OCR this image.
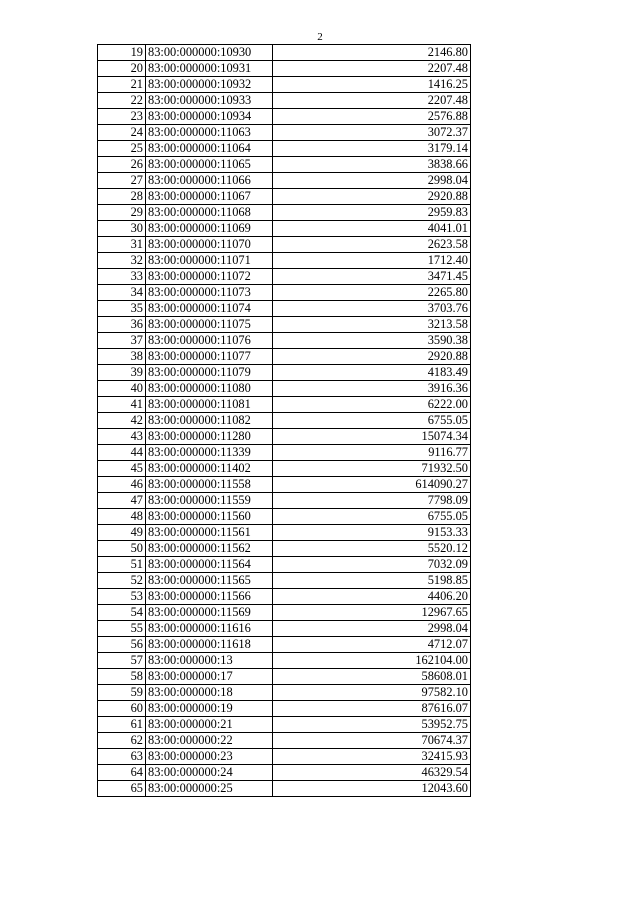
2
19	83:00:000000:10930	2146.80
20	83:00:000000:10931	2207.48
21	83:00:000000:10932	1416.25
22	83:00:000000:10933	2207.48
23	83:00:000000:10934	2576.88
24	83:00:000000:11063	3072.37
25	83:00:000000:11064	3179.14
26	83:00:000000:11065	3838.66
27	83:00:000000:11066	2998.04
28	83:00:000000:11067	2920.88
29	83:00:000000:11068	2959.83
30	83:00:000000:11069	4041.01
31	83:00:000000:11070	2623.58
32	83:00:000000:11071	1712.40
33	83:00:000000:11072	3471.45
34	83:00:000000:11073	2265.80
35	83:00:000000:11074	3703.76
36	83:00:000000:11075	3213.58
37	83:00:000000:11076	3590.38
38	83:00:000000:11077	2920.88
39	83:00:000000:11079	4183.49
40	83:00:000000:11080	3916.36
41	83:00:000000:11081	6222.00
42	83:00:000000:11082	6755.05
43	83:00:000000:11280	15074.34
44	83:00:000000:11339	9116.77
45	83:00:000000:11402	71932.50
46	83:00:000000:11558	614090.27
47	83:00:000000:11559	7798.09
48	83:00:000000:11560	6755.05
49	83:00:000000:11561	9153.33
50	83:00:000000:11562	5520.12
51	83:00:000000:11564	7032.09
52	83:00:000000:11565	5198.85
53	83:00:000000:11566	4406.20
54	83:00:000000:11569	12967.65
55	83:00:000000:11616	2998.04
56	83:00:000000:11618	4712.07
57	83:00:000000:13	162104.00
58	83:00:000000:17	58608.01
59	83:00:000000:18	97582.10
60	83:00:000000:19	87616.07
61	83:00:000000:21	53952.75
62	83:00:000000:22	70674.37
63	83:00:000000:23	32415.93
64	83:00:000000:24	46329.54
65	83:00:000000:25	12043.60
